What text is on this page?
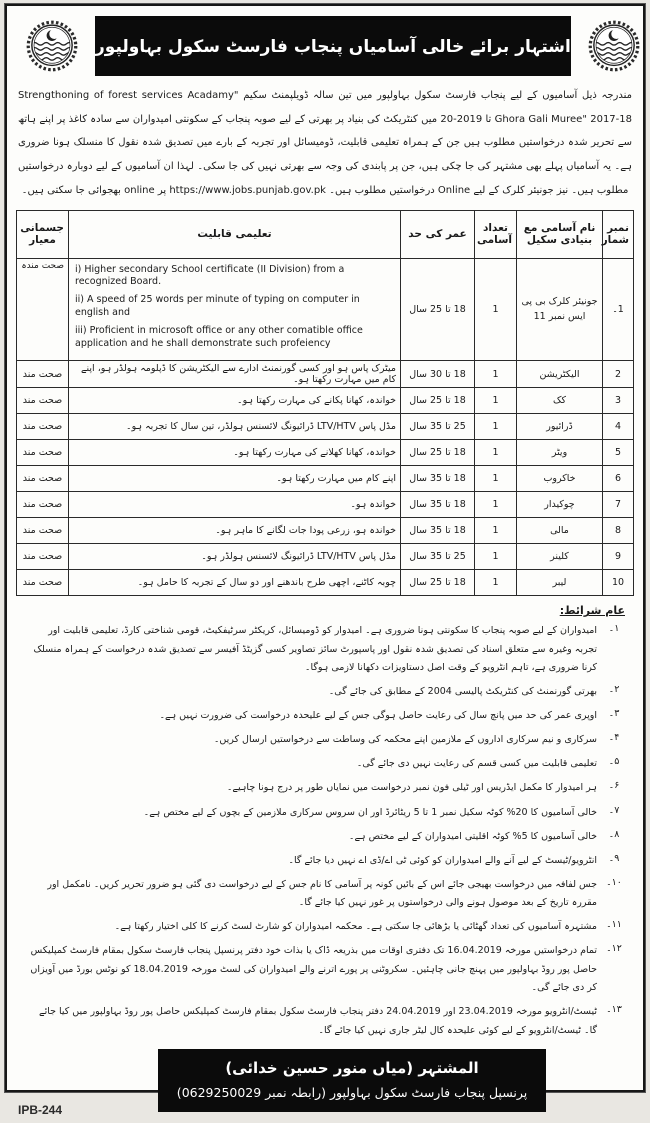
اشتہار برائے خالی آسامیاں پنجاب فارسٹ سکول بہاولپور

مندرجہ ذیل آسامیوں کے لیے پنجاب فارسٹ سکول بہاولپور میں تین سالہ ڈویلپمنٹ سکیم "Strengthoning of forest services Acadamy Ghora Gali Muree" 2017-18 تا 2019-20 میں کنٹریکٹ کی بنیاد پر بھرتی کے لیے صوبہ پنجاب کے سکونتی امیدواران سے سادہ کاغذ پر اپنے ہاتھ سے تحریر شدہ درخواستیں مطلوب ہیں جن کے ہمراہ تعلیمی قابلیت، ڈومیسائل اور تجربہ کے بارے میں تصدیق شدہ نقول کا منسلک ہونا ضروری ہے۔ یہ آسامیاں پہلے بھی مشتہر کی جا چکی ہیں، جن پر پابندی کی وجہ سے بھرتی نہیں کی جا سکی۔ لہذا ان آسامیوں کے لیے دوبارہ درخواستیں

مطلوب ہیں۔ نیز جونیئر کلرک کے لیے Online درخواستیں مطلوب ہیں۔ https://www.jobs.punjab.gov.pk پر online بھجوائی جا سکتی ہیں۔

نمبر شمار	نام آسامی مع بنیادی سکیل	تعداد آسامی	عمر کی حد	تعلیمی قابلیت	جسمانی معیار
1۔	جونیئر کلرک بی پی ایس نمبر 11	1	18 تا 25 سال	i) Higher secondary School certificate (II Division) from a recognized Board.
ii) A speed of 25 words per minute of typing on computer in english and
iii) Proficient in microsoft office or any other comatible office application and he shall demonstrate such profeiency	صحت مندہ
2	الیکٹریشن	1	18 تا 30 سال	میٹرک پاس ہو اور کسی گورنمنٹ ادارے سے الیکٹریشن کا ڈپلومہ ہولڈر ہو، اپنے کام میں مہارت رکھتا ہو۔	صحت مند
3	کک	1	18 تا 25 سال	خواندہ، کھانا پکانے کی مہارت رکھتا ہو۔	صحت مند
4	ڈرائیور	1	25 تا 35 سال	مڈل پاس LTV/HTV ڈرائیونگ لائسنس ہولڈر، تین سال کا تجربہ ہو۔	صحت مند
5	ویٹر	1	18 تا 25 سال	خواندہ، کھانا کھلانے کی مہارت رکھتا ہو۔	صحت مند
6	خاکروب	1	18 تا 35 سال	اپنے کام میں مہارت رکھتا ہو۔	صحت مند
7	چوکیدار	1	18 تا 35 سال	خواندہ ہو۔	صحت مند
8	مالی	1	18 تا 35 سال	خواندہ ہو، زرعی پودا جات لگانے کا ماہر ہو۔	صحت مند
9	کلینر	1	25 تا 35 سال	مڈل پاس LTV/HTV ڈرائیونگ لائسنس ہولڈر ہو۔	صحت مند
10	لیبر	1	18 تا 25 سال	چوبہ کاٹنے، اچھی طرح باندھنے اور دو سال کے تجربہ کا حامل ہو۔	صحت مند
عام شرائط:
۱۔
امیدواران کے لیے صوبہ پنجاب کا سکونتی ہونا ضروری ہے۔ امیدوار کو ڈومیسائل، کریکٹر سرٹیفکیٹ، قومی شناختی کارڈ، تعلیمی قابلیت اور تجربہ وغیرہ سے متعلق اسناد کی تصدیق شدہ نقول اور پاسپورٹ سائز تصاویر کسی گزیٹڈ آفیسر سے تصدیق شدہ درخواست کے ہمراہ منسلک کرنا ضروری ہے، تاہم انٹرویو کے وقت اصل دستاویزات دکھانا لازمی ہوگا۔
۲۔
بھرتی گورنمنٹ کی کنٹریکٹ پالیسی 2004 کے مطابق کی جائے گی۔
۳۔
اوپری عمر کی حد میں پانچ سال کی رعایت حاصل ہوگی جس کے لیے علیحدہ درخواست کی ضرورت نہیں ہے۔
۴۔
سرکاری و نیم سرکاری اداروں کے ملازمین اپنے محکمہ کی وساطت سے درخواستیں ارسال کریں۔
۵۔
تعلیمی قابلیت میں کسی قسم کی رعایت نہیں دی جائے گی۔
۶۔
ہر امیدوار کا مکمل ایڈریس اور ٹیلی فون نمبر درخواست میں نمایاں طور پر درج ہونا چاہیے۔
۷۔
خالی آسامیوں کا 20% کوٹہ سکیل نمبر 1 تا 5 ریٹائرڈ اور ان سروس سرکاری ملازمین کے بچوں کے لیے مختص ہے۔
۸۔
خالی آسامیوں کا 5% کوٹہ اقلیتی امیدواران کے لیے مختص ہے۔
۹۔
انٹرویو/ٹیسٹ کے لیے آنے والے امیدواران کو کوئی ٹی اے/ڈی اے نہیں دیا جائے گا۔
۱۰۔
جس لفافہ میں درخواست بھیجی جائے اس کے بائیں کونہ پر آسامی کا نام جس کے لیے درخواست دی گئی ہو ضرور تحریر کریں۔ نامکمل اور مقررہ تاریخ کے بعد موصول ہونے والی درخواستوں پر غور نہیں کیا جائے گا۔
۱۱۔
مشتہرہ آسامیوں کی تعداد گھٹائی یا بڑھائی جا سکتی ہے۔ محکمہ امیدواران کو شارٹ لسٹ کرنے کا کلی اختیار رکھتا ہے۔
۱۲۔
تمام درخواستیں مورخہ 16.04.2019 تک دفتری اوقات میں بذریعہ ڈاک یا بذات خود دفتر پرنسپل پنجاب فارسٹ سکول بمقام فارسٹ کمپلیکس حاصل پور روڈ بہاولپور میں پہنچ جانی چاہئیں۔ سکروٹنی پر پورے اترنے والے امیدواران کی لسٹ مورخہ 18.04.2019 کو نوٹس بورڈ میں آویزاں کر دی جائے گی۔
۱۳۔
ٹیسٹ/انٹرویو مورخہ 23.04.2019 اور 24.04.2019 دفتر پنجاب فارسٹ سکول بمقام فارسٹ کمپلیکس حاصل پور روڈ بہاولپور میں کیا جائے گا۔ ٹیسٹ/انٹرویو کے لیے کوئی علیحدہ کال لیٹر جاری نہیں کیا جائے گا۔
المشتہر (میاں منور حسین خدائی)
پرنسپل پنجاب فارسٹ سکول بہاولپور (رابطہ نمبر 0629250029)
IPB-244
